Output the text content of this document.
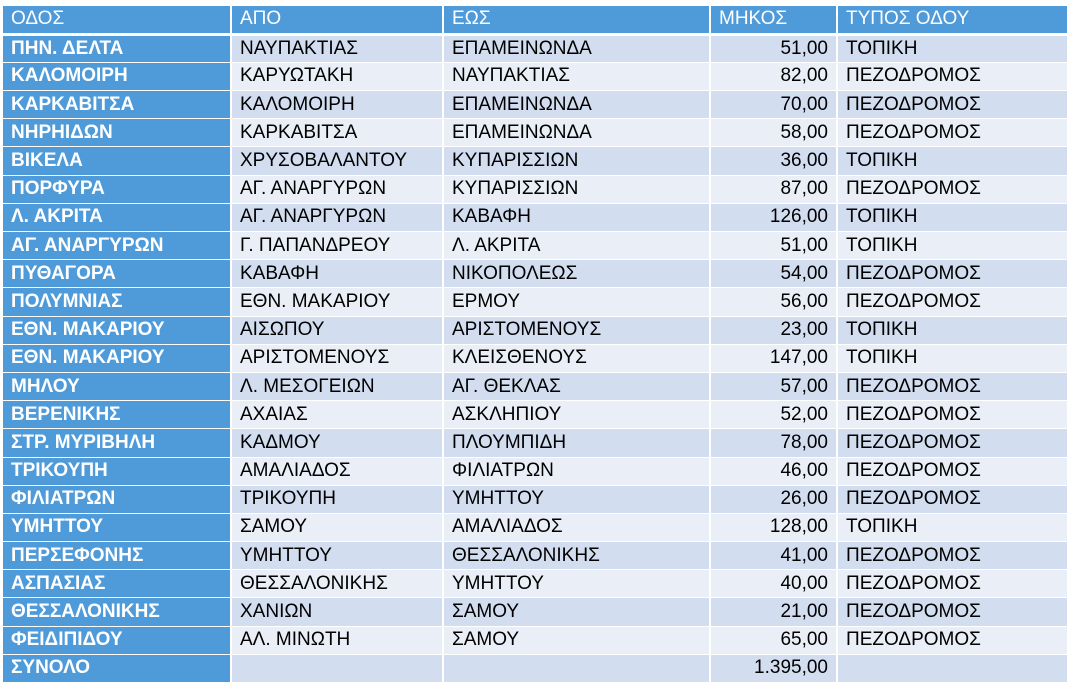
ΟΔΟΣ	ΑΠΟ	ΕΩΣ	ΜΗΚΟΣ	ΤΥΠΟΣ ΟΔΟΥ
ΠΗΝ. ΔΕΛΤΑ	ΝΑΥΠΑΚΤΙΑΣ	ΕΠΑΜΕΙΝΩΝΔΑ	51,00	ΤΟΠΙΚΗ
ΚΑΛΟΜΟΙΡΗ	ΚΑΡΥΩΤΑΚΗ	ΝΑΥΠΑΚΤΙΑΣ	82,00	ΠΕΖΟΔΡΟΜΟΣ
ΚΑΡΚΑΒΙΤΣΑ	ΚΑΛΟΜΟΙΡΗ	ΕΠΑΜΕΙΝΩΝΔΑ	70,00	ΠΕΖΟΔΡΟΜΟΣ
ΝΗΡΗΙΔΩΝ	ΚΑΡΚΑΒΙΤΣΑ	ΕΠΑΜΕΙΝΩΝΔΑ	58,00	ΠΕΖΟΔΡΟΜΟΣ
ΒΙΚΕΛΑ	ΧΡΥΣΟΒΑΛΑΝΤΟΥ	ΚΥΠΑΡΙΣΣΙΩΝ	36,00	ΤΟΠΙΚΗ
ΠΟΡΦΥΡΑ	ΑΓ. ΑΝΑΡΓΥΡΩΝ	ΚΥΠΑΡΙΣΣΙΩΝ	87,00	ΠΕΖΟΔΡΟΜΟΣ
Λ. ΑΚΡΙΤΑ	ΑΓ. ΑΝΑΡΓΥΡΩΝ	ΚΑΒΑΦΗ	126,00	ΤΟΠΙΚΗ
ΑΓ. ΑΝΑΡΓΥΡΩΝ	Γ. ΠΑΠΑΝΔΡΕΟΥ	Λ. ΑΚΡΙΤΑ	51,00	ΤΟΠΙΚΗ
ΠΥΘΑΓΟΡΑ	ΚΑΒΑΦΗ	ΝΙΚΟΠΟΛΕΩΣ	54,00	ΠΕΖΟΔΡΟΜΟΣ
ΠΟΛΥΜΝΙΑΣ	ΕΘΝ. ΜΑΚΑΡΙΟΥ	ΕΡΜΟΥ	56,00	ΠΕΖΟΔΡΟΜΟΣ
ΕΘΝ. ΜΑΚΑΡΙΟΥ	ΑΙΣΩΠΟΥ	ΑΡΙΣΤΟΜΕΝΟΥΣ	23,00	ΤΟΠΙΚΗ
ΕΘΝ. ΜΑΚΑΡΙΟΥ	ΑΡΙΣΤΟΜΕΝΟΥΣ	ΚΛΕΙΣΘΕΝΟΥΣ	147,00	ΤΟΠΙΚΗ
ΜΗΛΟΥ	Λ. ΜΕΣΟΓΕΙΩΝ	ΑΓ. ΘΕΚΛΑΣ	57,00	ΠΕΖΟΔΡΟΜΟΣ
ΒΕΡΕΝΙΚΗΣ	ΑΧΑΙΑΣ	ΑΣΚΛΗΠΙΟΥ	52,00	ΠΕΖΟΔΡΟΜΟΣ
ΣΤΡ. ΜΥΡΙΒΗΛΗ	ΚΑΔΜΟΥ	ΠΛΟΥΜΠΙΔΗ	78,00	ΠΕΖΟΔΡΟΜΟΣ
ΤΡΙΚΟΥΠΗ	ΑΜΑΛΙΑΔΟΣ	ΦΙΛΙΑΤΡΩΝ	46,00	ΠΕΖΟΔΡΟΜΟΣ
ΦΙΛΙΑΤΡΩΝ	ΤΡΙΚΟΥΠΗ	ΥΜΗΤΤΟΥ	26,00	ΠΕΖΟΔΡΟΜΟΣ
ΥΜΗΤΤΟΥ	ΣΑΜΟΥ	ΑΜΑΛΙΑΔΟΣ	128,00	ΤΟΠΙΚΗ
ΠΕΡΣΕΦΟΝΗΣ	ΥΜΗΤΤΟΥ	ΘΕΣΣΑΛΟΝΙΚΗΣ	41,00	ΠΕΖΟΔΡΟΜΟΣ
ΑΣΠΑΣΙΑΣ	ΘΕΣΣΑΛΟΝΙΚΗΣ	ΥΜΗΤΤΟΥ	40,00	ΠΕΖΟΔΡΟΜΟΣ
ΘΕΣΣΑΛΟΝΙΚΗΣ	ΧΑΝΙΩΝ	ΣΑΜΟΥ	21,00	ΠΕΖΟΔΡΟΜΟΣ
ΦΕΙΔΙΠΙΔΟΥ	ΑΛ. ΜΙΝΩΤΗ	ΣΑΜΟΥ	65,00	ΠΕΖΟΔΡΟΜΟΣ
ΣΥΝΟΛΟ			1.395,00	
